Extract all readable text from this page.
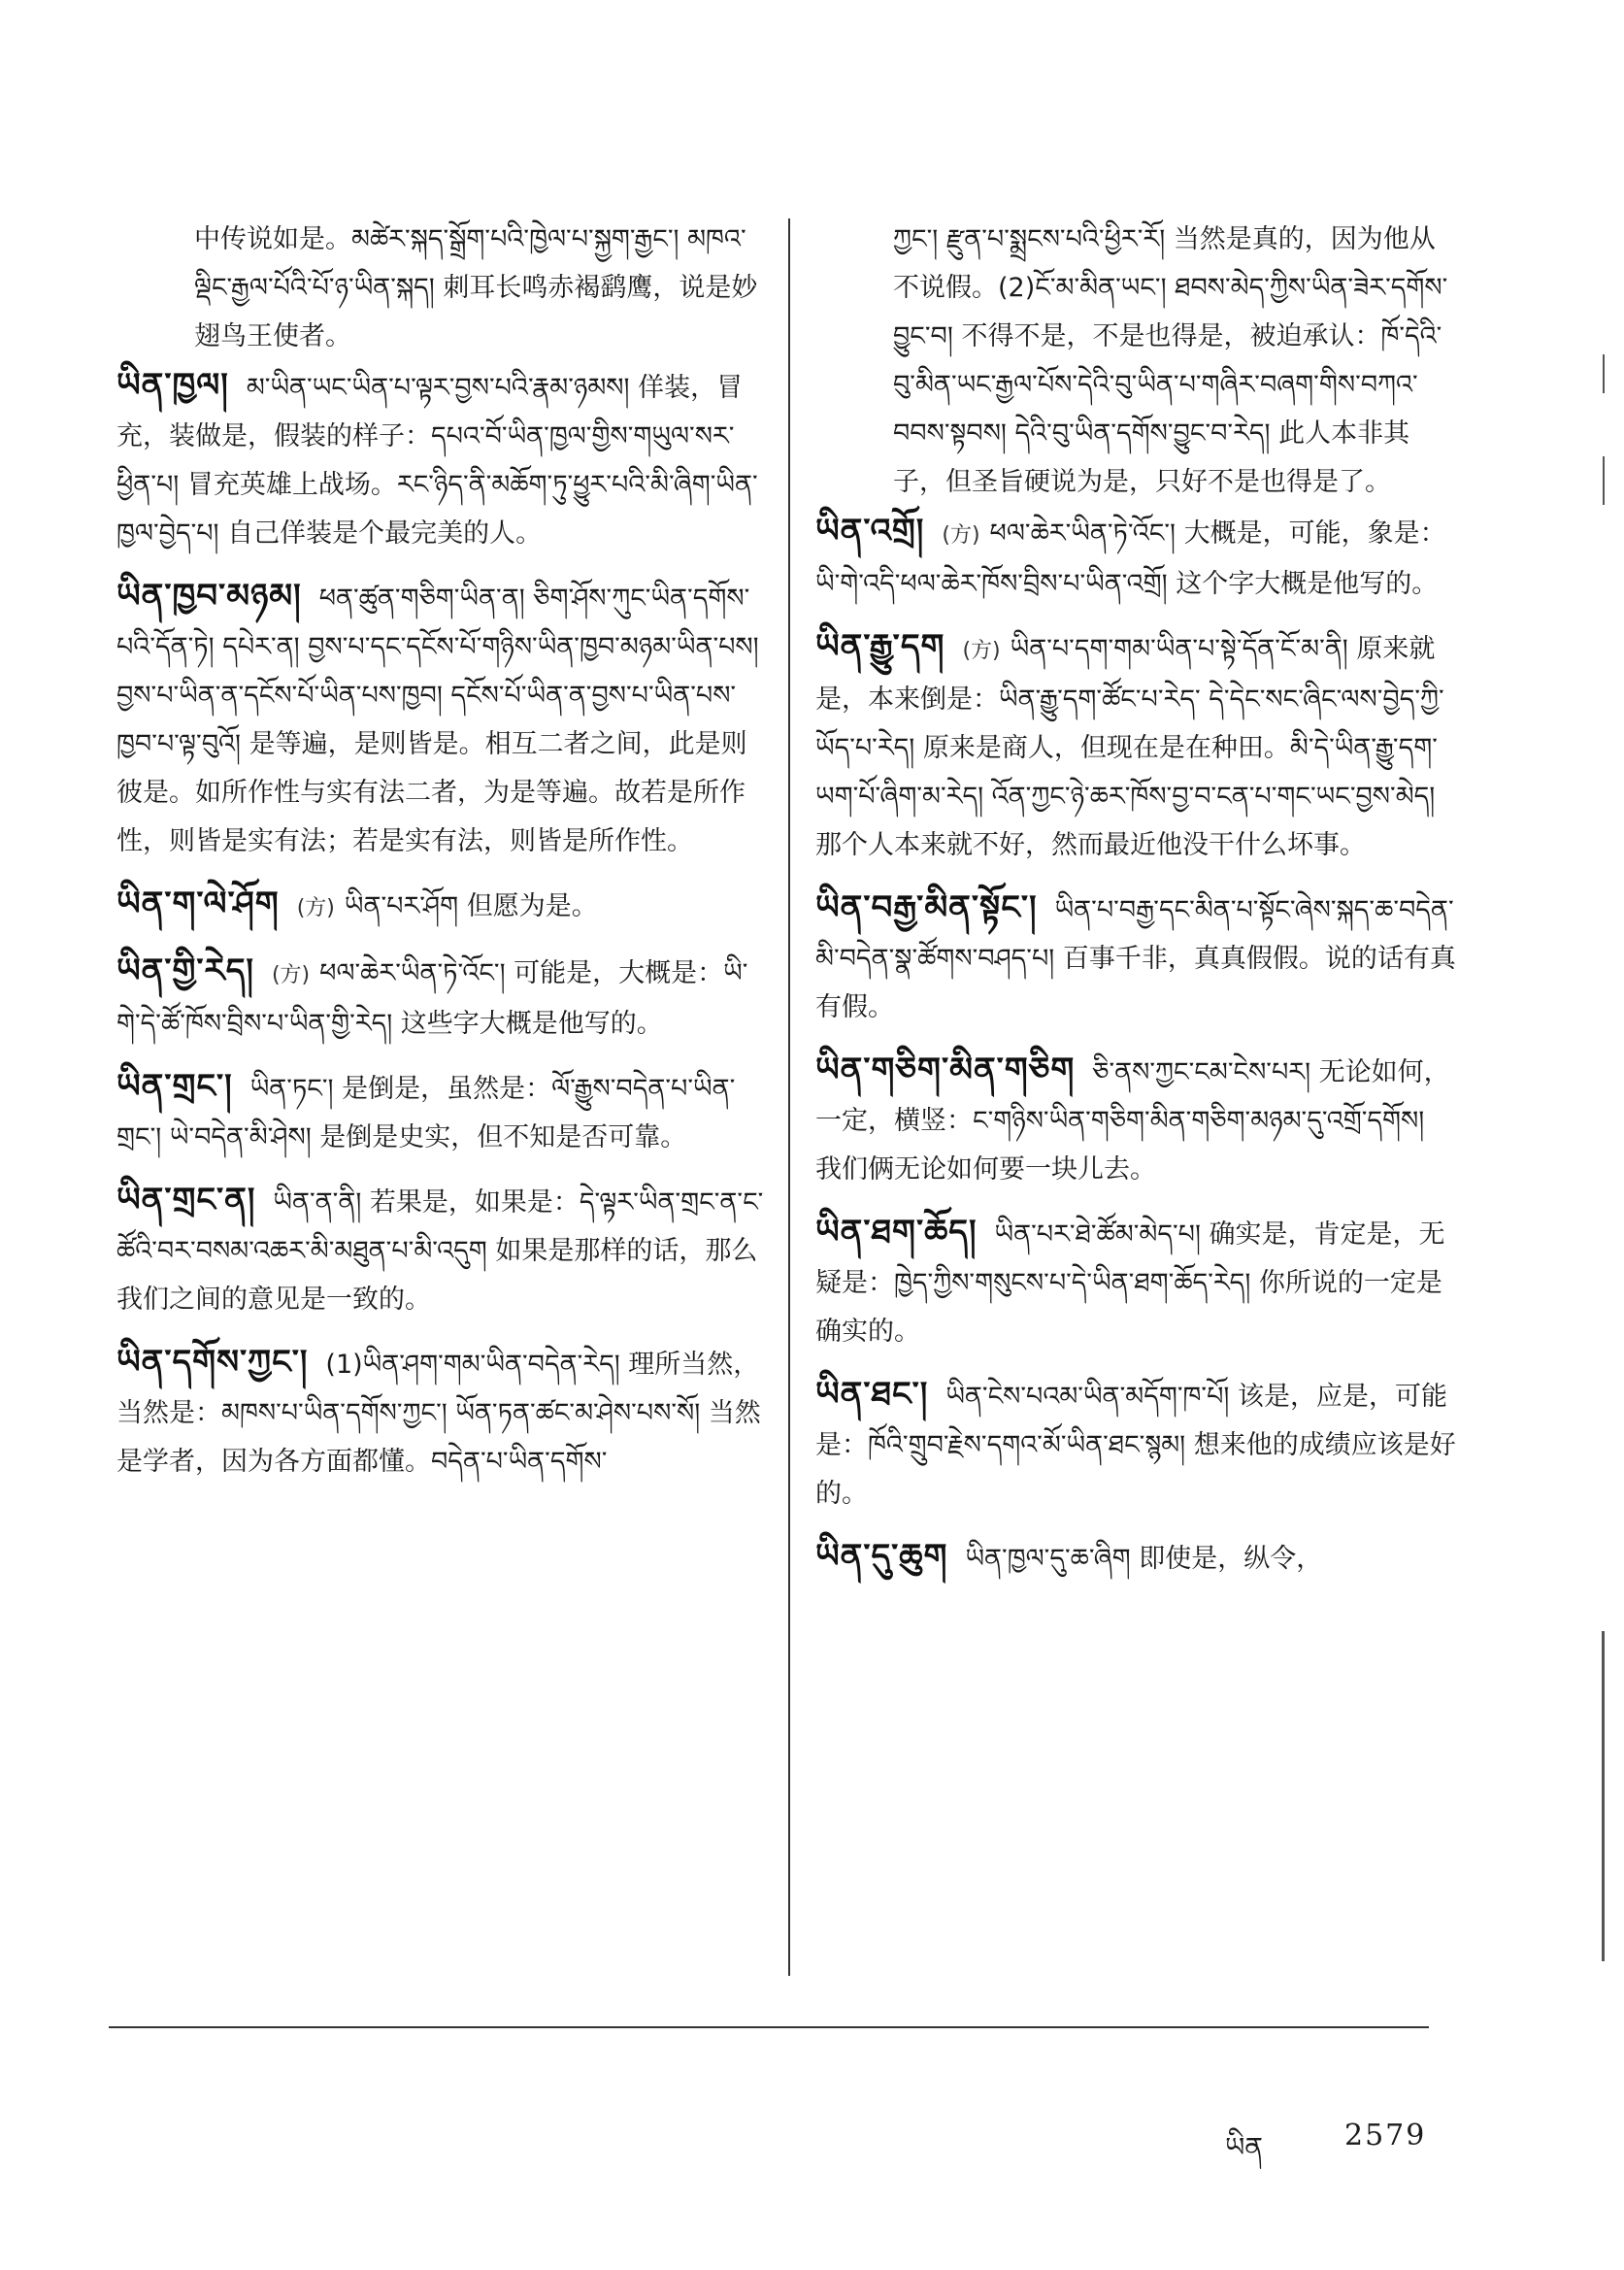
中传说如是。མཚེར་སྐད་སྒྲོག་པའི་ཁྱེལ་པ་སྐྱག་རྒྱང་། མཁའ་ལྡིང་རྒྱལ་པོའི་པོ་ཉ་ཡིན་སྐད། 刺耳长鸣赤褐鹞鹰，说是妙翅鸟王使者。
ཡིན་ཁྱལ། མ་ཡིན་ཡང་ཡིན་པ་ལྟར་བྱས་པའི་རྣམ་ཉམས། 佯装，冒充，装做是，假装的样子：དཔའ་བོ་ཡིན་ཁྱལ་གྱིས་གཡུལ་སར་ཕྱིན་པ། 冒充英雄上战场。རང་ཉིད་ནི་མཆོག་ཏུ་ཕྱུར་པའི་མི་ཞིག་ཡིན་ཁྱལ་བྱེད་པ། 自己佯装是个最完美的人。
ཡིན་ཁྱབ་མཉམ། ཕན་ཚུན་གཅིག་ཡིན་ན། ཅིག་ཤོས་ཀུང་ཡིན་དགོས་པའི་དོན་ཏེ། དཔེར་ན། བྱས་པ་དང་དངོས་པོ་གཉིས་ཡིན་ཁྱབ་མཉམ་ཡིན་པས། བྱས་པ་ཡིན་ན་དངོས་པོ་ཡིན་པས་ཁྱབ། དངོས་པོ་ཡིན་ན་བྱས་པ་ཡིན་པས་ཁྱབ་པ་ལྟ་བུའོ། 是等遍，是则皆是。相互二者之间，此是则彼是。如所作性与实有法二者，为是等遍。故若是所作性，则皆是实有法；若是实有法，则皆是所作性。
ཡིན་ག་ལེ་ཤོག (方) ཡིན་པར་ཤོག 但愿为是。
ཡིན་གྱི་རེད། (方) ཕལ་ཆེར་ཡིན་ཏེ་འོང་། 可能是，大概是：ཡི་གེ་དེ་ཚོ་ཁོས་བྲིས་པ་ཡིན་གྱི་རེད། 这些字大概是他写的。
ཡིན་གྲང་། ཡིན་ཏང་། 是倒是，虽然是：ལོ་རྒྱུས་བདེན་པ་ཡིན་གྲང་། ཡེ་བདེན་མི་ཤེས། 是倒是史实，但不知是否可靠。
ཡིན་གྲང་ན། ཡིན་ན་ནི། 若果是，如果是：དེ་ལྟར་ཡིན་གྲང་ན་ང་ཚོའི་བར་བསམ་འཆར་མི་མཐུན་པ་མི་འདུག 如果是那样的话，那么我们之间的意见是一致的。
ཡིན་དགོས་ཀྱང་། (1)ཡིན་ཤག་གམ་ཡིན་བདེན་རེད། 理所当然，当然是：མཁས་པ་ཡིན་དགོས་ཀྱང་། ཡོན་ཏན་ཚང་མ་ཤེས་པས་སོ། 当然是学者，因为各方面都懂。བདེན་པ་ཡིན་དགོས་
ཀྱང་། རྫུན་པ་སྨྲངས་པའི་ཕྱིར་རོ། 当然是真的，因为他从不说假。(2)ངོ་མ་མིན་ཡང་། ཐབས་མེད་ཀྱིས་ཡིན་ཟེར་དགོས་བྱུང་བ། 不得不是，不是也得是，被迫承认：ཁོ་དེའི་བུ་མིན་ཡང་རྒྱལ་པོས་དེའི་བུ་ཡིན་པ་གཞིར་བཞག་གིས་བཀའ་བབས་སྟབས། དེའི་བུ་ཡིན་དགོས་བྱུང་བ་རེད། 此人本非其子，但圣旨硬说为是，只好不是也得是了。
ཡིན་འགྲོ། (方) ཕལ་ཆེར་ཡིན་ཏེ་འོང་། 大概是，可能，象是：ཡི་གེ་འདི་ཕལ་ཆེར་ཁོས་བྲིས་པ་ཡིན་འགྲོ། 这个字大概是他写的。
ཡིན་རྒྱུ་དག (方) ཡིན་པ་དག་གམ་ཡིན་པ་སྟེ་དོན་ངོ་མ་ནི། 原来就是，本来倒是：ཡིན་རྒྱུ་དག་ཚོང་པ་རེད་ དེ་དེང་སང་ཞིང་ལས་བྱེད་ཀྱི་ཡོད་པ་རེད། 原来是商人，但现在是在种田。མི་དེ་ཡིན་རྒྱུ་དག་ཡག་པོ་ཞིག་མ་རེད། འོན་ཀྱང་ཉེ་ཆར་ཁོས་བྱ་བ་ངན་པ་གང་ཡང་བྱས་མེད། 那个人本来就不好，然而最近他没干什么坏事。
ཡིན་བརྒྱ་མིན་སྟོང་། ཡིན་པ་བརྒྱ་དང་མིན་པ་སྟོང་ཞེས་སྐད་ཆ་བདེན་མི་བདེན་སྣ་ཚོགས་བཤད་པ། 百事千非，真真假假。说的话有真有假。
ཡིན་གཅིག་མིན་གཅིག ཅི་ནས་ཀྱང་ངམ་ངེས་པར། 无论如何，一定，横竖：ང་གཉིས་ཡིན་གཅིག་མིན་གཅིག་མཉམ་དུ་འགྲོ་དགོས། 我们俩无论如何要一块儿去。
ཡིན་ཐག་ཆོད། ཡིན་པར་ཐེ་ཚོམ་མེད་པ། 确实是，肯定是，无疑是：ཁྱེད་ཀྱིས་གསུངས་པ་དེ་ཡིན་ཐག་ཆོད་རེད། 你所说的一定是确实的。
ཡིན་ཐང་། ཡིན་ངེས་པའམ་ཡིན་མདོག་ཁ་པོ། 该是，应是，可能是：ཁོའི་གྲུབ་རྗེས་དགའ་མོ་ཡིན་ཐང་སྙམ། 想来他的成绩应该是好的。
ཡིན་དུ་ཆུག ཡིན་ཁྱལ་དུ་ཆ་ཞིག 即使是，纵令，
ཡིན	2579
